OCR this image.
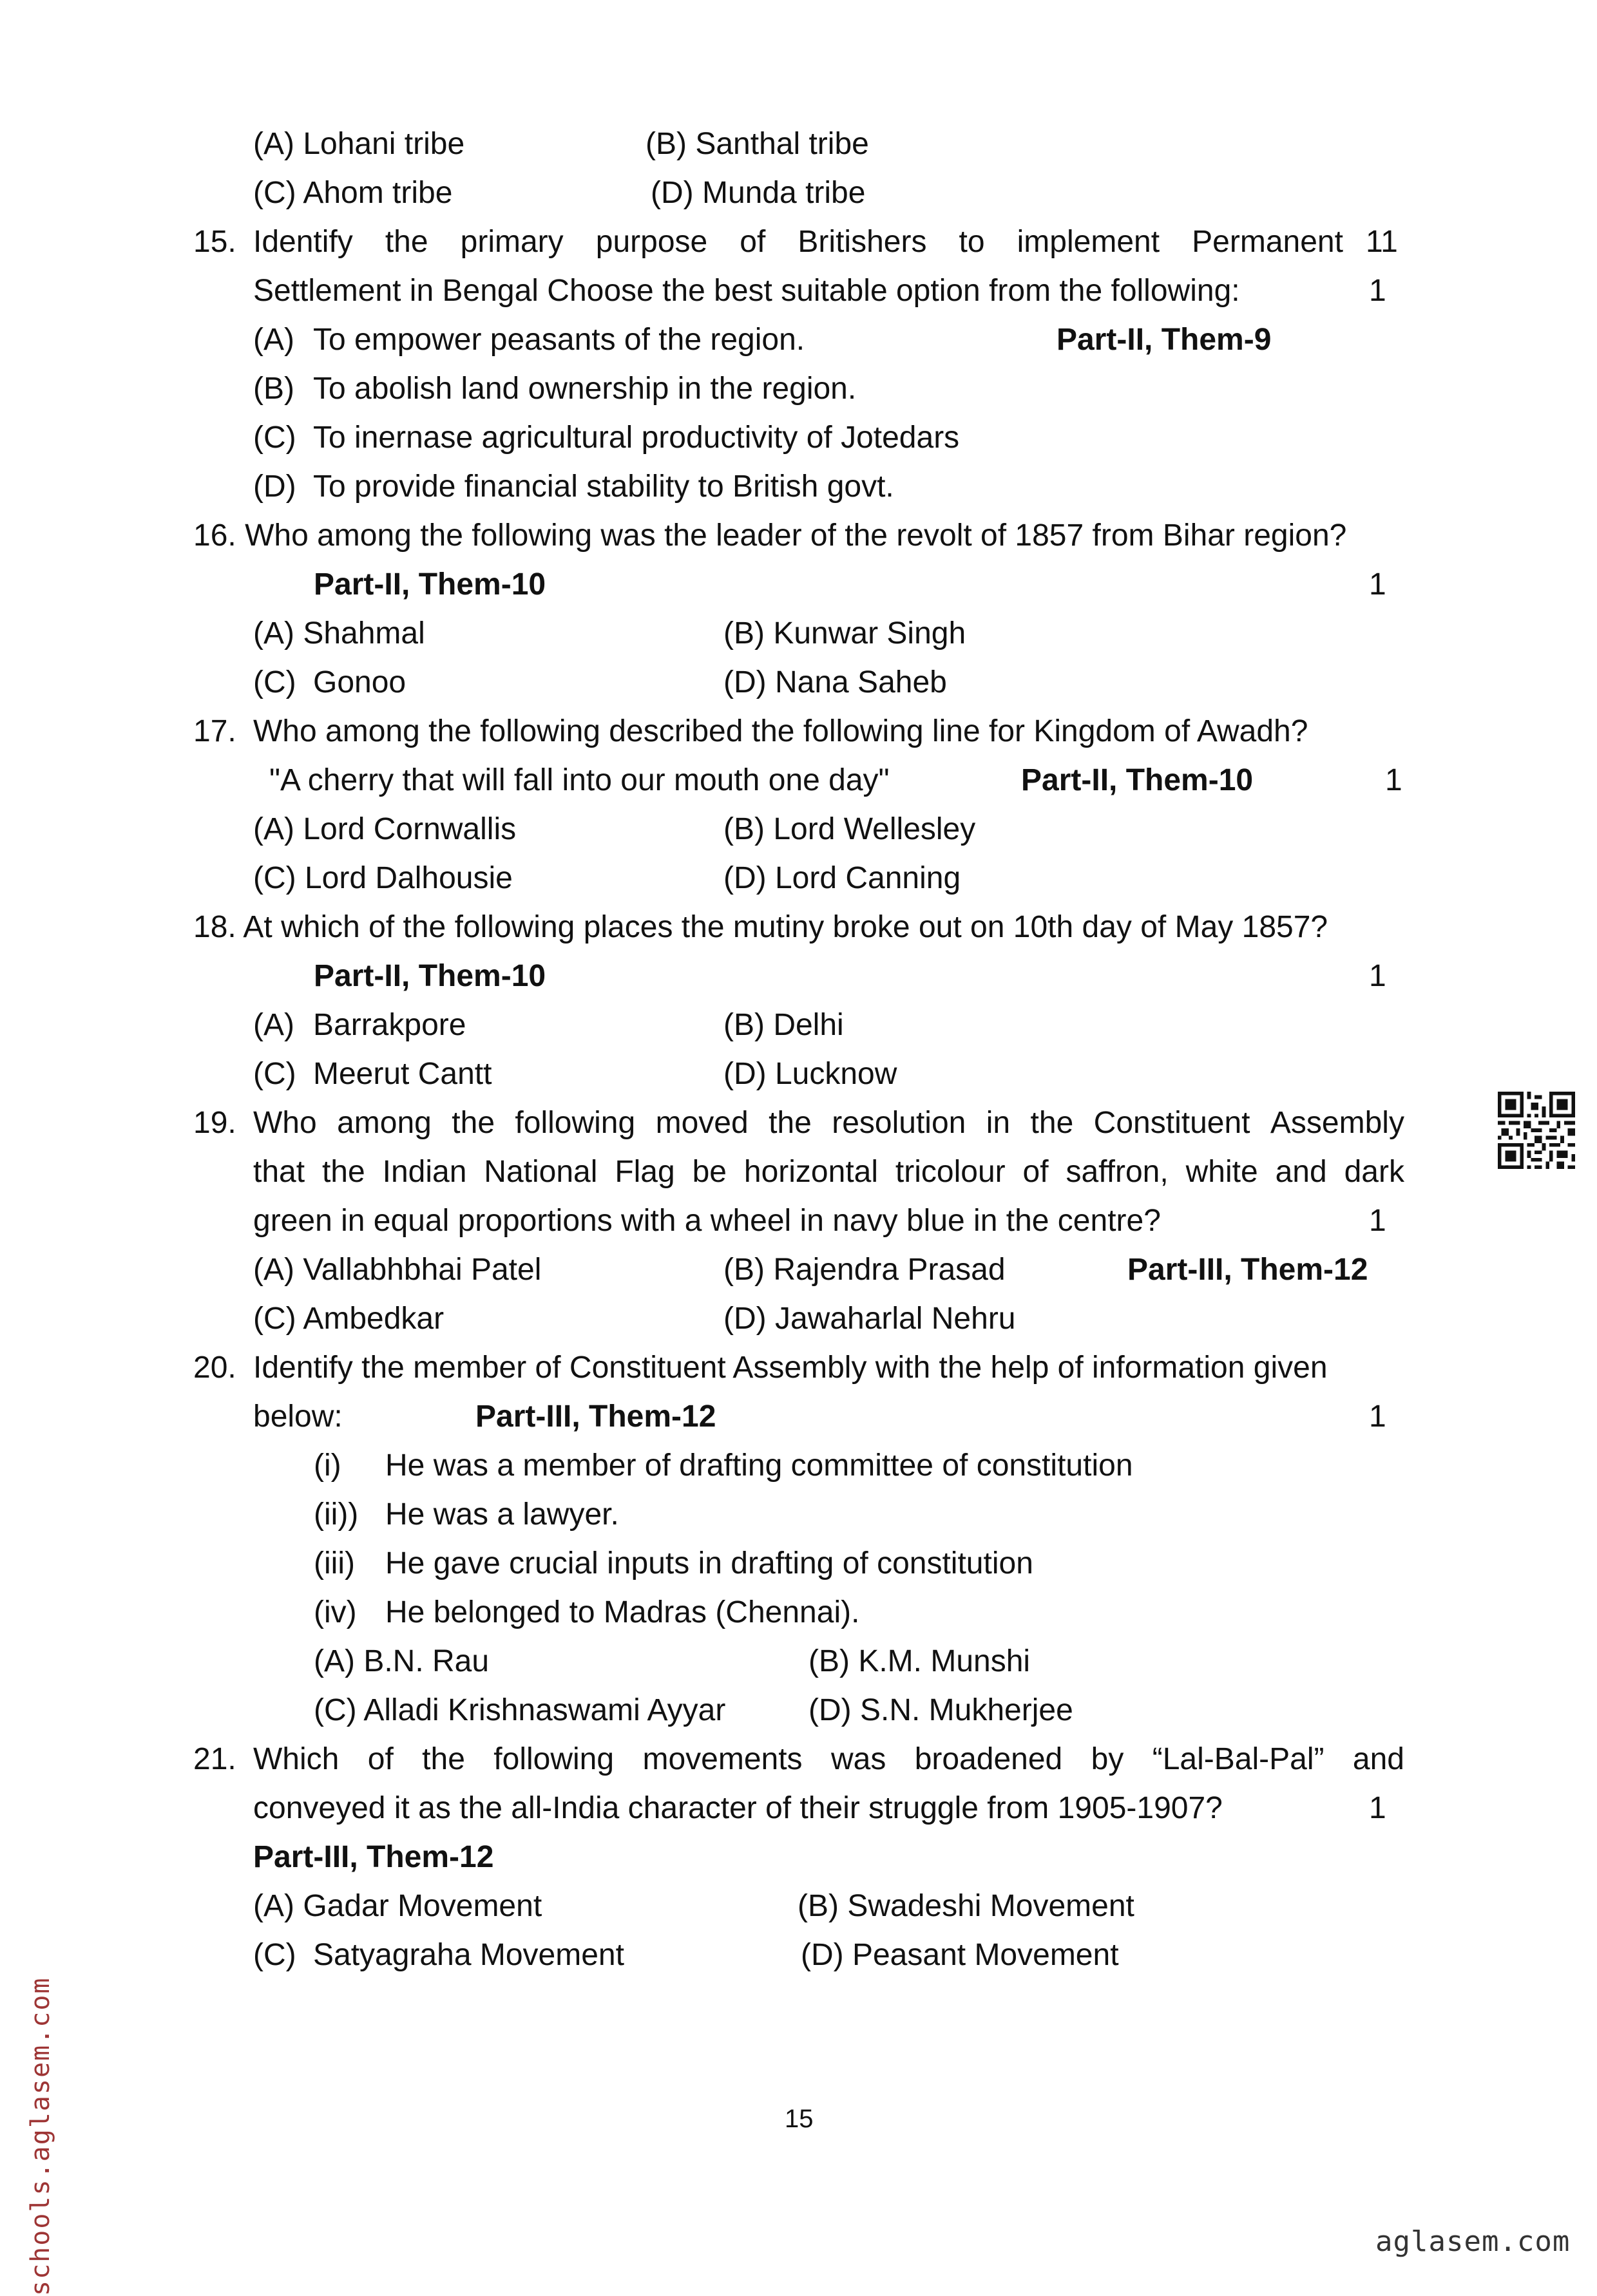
(A) Lohani tribe	(B) Santhal tribe
(C) Ahom tribe	(D) Munda tribe
15. Identify the primary purpose of Britishers to implement Permanent 11
Settlement in Bengal Choose the best suitable option from the following:	1
(A) To empower peasants of the region.	Part-II, Them-9
(B) To abolish land ownership in the region.
(C) To inernase agricultural productivity of Jotedars
(D) To provide financial stability to British govt.
16. Who among the following was the leader of the revolt of 1857 from Bihar region?
Part-II, Them-10	1
(A) Shahmal	(B) Kunwar Singh
(C) Gonoo	(D) Nana Saheb
17. Who among the following described the following line for Kingdom of Awadh?
"A cherry that will fall into our mouth one day"	Part-II, Them-10	1
(A) Lord Cornwallis	(B) Lord Wellesley
(C) Lord Dalhousie	(D) Lord Canning
18. At which of the following places the mutiny broke out on 10th day of May 1857?
Part-II, Them-10	1
(A) Barrakpore	(B) Delhi
(C) Meerut Cantt	(D) Lucknow
19. Who among the following moved the resolution in the Constituent Assembly
that the Indian National Flag be horizontal tricolour of saffron, white and dark
green in equal proportions with a wheel in navy blue in the centre?	1
(A) Vallabhbhai Patel	(B) Rajendra Prasad	Part-III, Them-12
(C) Ambedkar	(D) Jawaharlal Nehru
20. Identify the member of Constituent Assembly with the help of information given
below:	Part-III, Them-12	1
(i) He was a member of drafting committee of constitution
(ii)) He was a lawyer.
(iii) He gave crucial inputs in drafting of constitution
(iv) He belonged to Madras (Chennai).
(A) B.N. Rau	(B) K.M. Munshi
(C) Alladi Krishnaswami Ayyar	(D) S.N. Mukherjee
21. Which of the following movements was broadened by “Lal-Bal-Pal” and
conveyed it as the all-India character of their struggle from 1905-1907?	1
Part-III, Them-12
(A) Gadar Movement	(B) Swadeshi Movement
(C) Satyagraha Movement	(D) Peasant Movement
15
schools.aglasem.com	aglasem.com
